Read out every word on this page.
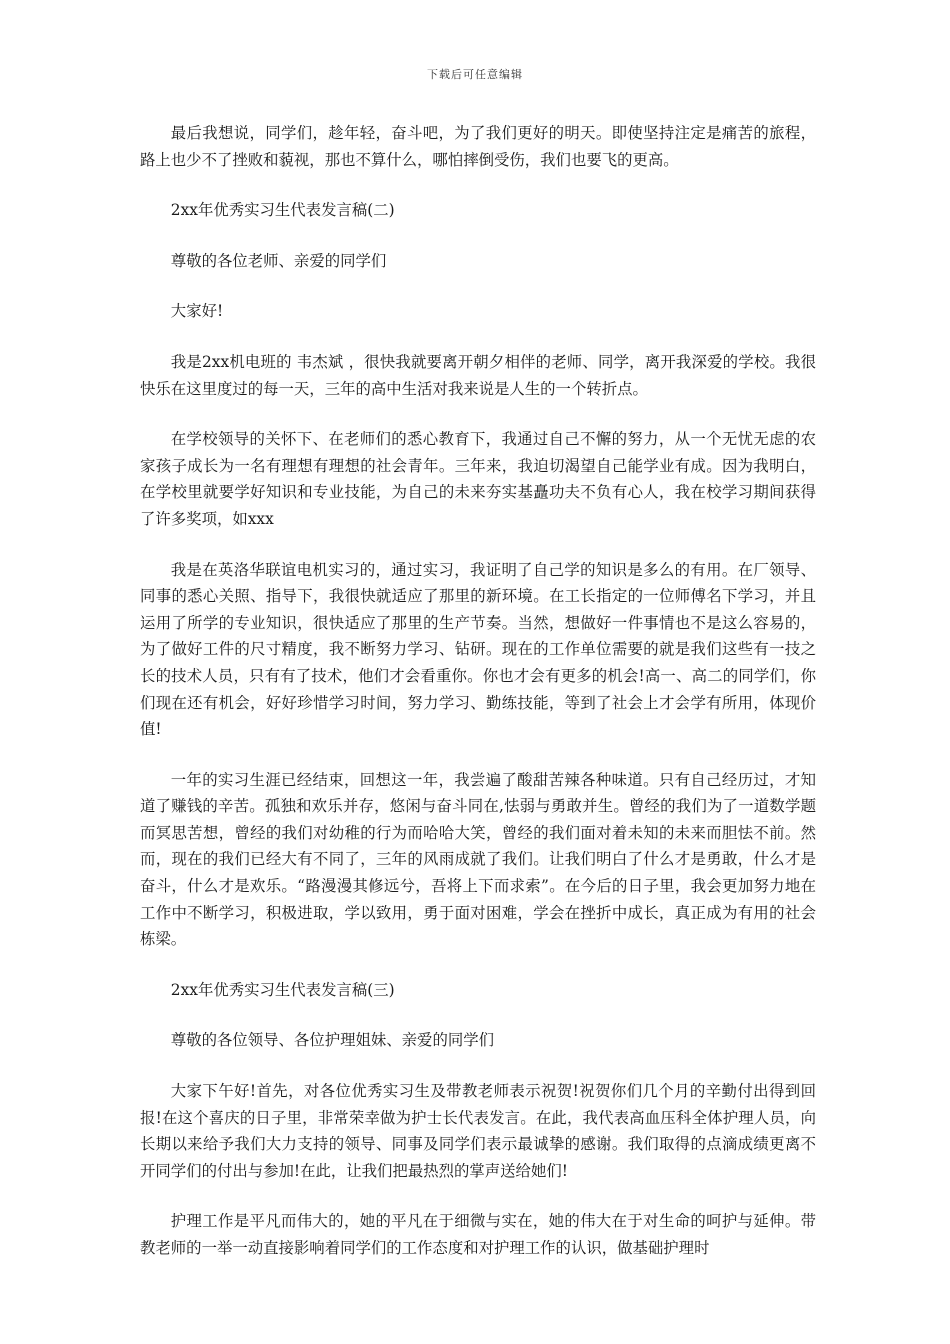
下载后可任意编辑

最后我想说，同学们，趁年轻，奋斗吧，为了我们更好的明天。即使坚持注定是痛苦的旅程，路上也少不了挫败和藐视，那也不算什么，哪怕摔倒受伤，我们也要飞的更高。

2xx年优秀实习生代表发言稿(二)

尊敬的各位老师、亲爱的同学们

大家好!

我是2xx机电班的 韦杰斌 ，很快我就要离开朝夕相伴的老师、同学，离开我深爱的学校。我很快乐在这里度过的每一天，三年的高中生活对我来说是人生的一个转折点。

在学校领导的关怀下、在老师们的悉心教育下，我通过自己不懈的努力，从一个无忧无虑的农家孩子成长为一名有理想有理想的社会青年。三年来，我迫切渴望自己能学业有成。因为我明白，在学校里就要学好知识和专业技能，为自己的未来夯实基矗功夫不负有心人，我在校学习期间获得了许多奖项，如xxx

我是在英洛华联谊电机实习的，通过实习，我证明了自己学的知识是多么的有用。在厂领导、同事的悉心关照、指导下，我很快就适应了那里的新环境。在工长指定的一位师傅名下学习，并且运用了所学的专业知识，很快适应了那里的生产节奏。当然，想做好一件事情也不是这么容易的，为了做好工件的尺寸精度，我不断努力学习、钻研。现在的工作单位需要的就是我们这些有一技之长的技术人员，只有有了技术，他们才会看重你。你也才会有更多的机会!高一、高二的同学们，你们现在还有机会，好好珍惜学习时间，努力学习、勤练技能，等到了社会上才会学有所用，体现价值!

一年的实习生涯已经结束，回想这一年，我尝遍了酸甜苦辣各种味道。只有自己经历过，才知道了赚钱的辛苦。孤独和欢乐并存，悠闲与奋斗同在,怯弱与勇敢并生。曾经的我们为了一道数学题而冥思苦想，曾经的我们对幼稚的行为而哈哈大笑，曾经的我们面对着未知的未来而胆怯不前。然而，现在的我们已经大有不同了，三年的风雨成就了我们。让我们明白了什么才是勇敢，什么才是奋斗，什么才是欢乐。“路漫漫其修远兮，吾将上下而求索”。在今后的日子里，我会更加努力地在工作中不断学习，积极进取，学以致用，勇于面对困难，学会在挫折中成长，真正成为有用的社会栋梁。

2xx年优秀实习生代表发言稿(三)

尊敬的各位领导、各位护理姐妹、亲爱的同学们

大家下午好!首先，对各位优秀实习生及带教老师表示祝贺!祝贺你们几个月的辛勤付出得到回报!在这个喜庆的日子里，非常荣幸做为护士长代表发言。在此，我代表高血压科全体护理人员，向长期以来给予我们大力支持的领导、同事及同学们表示最诚挚的感谢。我们取得的点滴成绩更离不开同学们的付出与参加!在此，让我们把最热烈的掌声送给她们!

护理工作是平凡而伟大的，她的平凡在于细微与实在，她的伟大在于对生命的呵护与延伸。带教老师的一举一动直接影响着同学们的工作态度和对护理工作的认识，做基础护理时
